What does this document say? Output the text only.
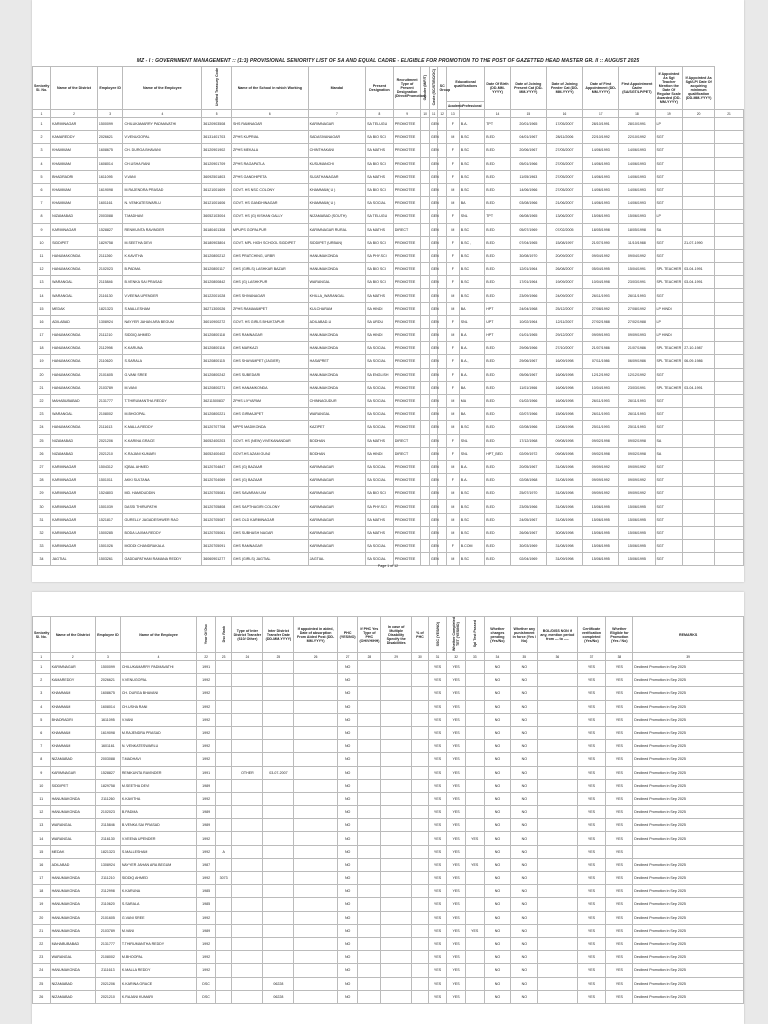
MZ - I : GOVERNMENT MANAGEMENT :: (1:3) PROVISIONAL SENIORITY LIST OF SA AND EQUAL CADRE - ELIGIBLE FOR PROMOTION TO THE POST OF GAZETTED HEAD MASTER GR. II :: AUGUST 2025
Seniority Sl. No.	Name of the District	Employee ID	Name of the Employee	Unified Treasury Code	Name of the School in which Working	Mandal	Present Designation	Recruitment Type of Present Designation (Direct/Promotion)	Gender (M/F/T)	Caste (SC/ST/BC/OC)	SC Group	Educational qualifications		Date Of Birth (DD-MM-YYYY)	Date of Joining Present Cat (DD-MM-YYYY)	Date of Joining Feeder Cat (DD-MM-YYYY)	Date of First Appointment (DD-MM-YYYY)	First Appointment Cadre (SA/SGT/LP/PET)	If Appointed As Sgt Teacher Mention the Date Of Regular Scale Awarded (DD-MM-YYYY)	If Appointed As Sgt/LP/ Date Of acquiring minimum qualification (DD-MM-YYYY)	
												Academic	Professional								
1	2	3	4	5	6	7	8	9	10	11	12	13		14	15	16	17	18	19	20	21
1	KARIMNAGAR	1500099	CHILUKAMARRY PADMAVATHI	36120903508	SHS RAMNAGAR	KARIMNAGAR	SA TELUGU	PROMOTEE		GEN		F	B.A.	TPT	20/01/1965	17/05/2007	28/10/1991	28/10/1991	LP		
2	KAMAREDDY	2026621	V.VENUGOPAL	36131401703	ZPHS KUPRIAL	SADASIVANAGAR	SA BIO SCI	PROMOTEE		GEN		M	B.SC	B.ED	04/01/1967	28/11/2006	22/10/1992	22/10/1992	SGT		
3	KHAMMAM	1608675	CH. DURGA BHAVANI	36120901902	ZPHS MEKALA	CHINTHAKANI	SA MATHS	PROMOTEE		GEN		F	B.SC	B.ED	20/06/1967	27/05/2007	14/06/1993	14/06/1993	SGT		
4	KHAMMAM	1608014	CH.USHA RANI	36120901709	ZPHS RAGAPATLA	KUSUMANCHI	SA BIO SCI	PROMOTEE		GEN		F	B.SC	B.ED	05/01/1966	27/05/2007	14/06/1993	14/06/1993	SGT		
5	BHADRADRI	1611095	V.VANI	36092501803	ZPHS GANDHIPETA	SUJATHANAGAR	SA MATHS	PROMOTEE		GEN		F	B.SC	B.ED	11/05/1963	27/05/2007	14/06/1993	14/06/1993	SGT		
6	KHAMMAM	1619098	M.RAJENDRA PRASAD	36121001609	GOVT. HS NSC COLONY	KHAMMAM( U )	SA BIO SCI	PROMOTEE		GEN		M	B.SC	B.ED	14/06/1966	27/05/2007	14/06/1993	14/06/1993	SGT		
7	KHAMMAM	1601161	N. VENKATESWARLU	36121001606	GOVT. HS GANDHINAGAR	KHAMMAM( U )	SA SOCIAL	PROMOTEE		GEN		M	BA	B.ED	03/08/1966	21/06/2007	14/06/1993	14/06/1993	SGT		
8	NIZAMABAD	2003088	T.MADHAVI	36052103004	GOVT. HS (G) KISHAN GALLY	NIZAMABAD (SOUTH)	SA TELUGU	PROMOTEE		GEN		F	SNL	TPT	06/08/1965	13/06/2007	15/06/1993	15/06/1993	LP		
9	KARIMNAGAR	1528827	RENIKUNTA RAVINDER	36180401308	MPUPS GOPALPUR	KARIMNAGAR RURAL	SA MATHS	DIRECT		GEN		M	B.SC	B.ED	05/07/1969	07/02/2005	18/05/1998	18/05/1998	SA		
10	SIDDIPET	1829758	M.SEETHA DEVI	36180903804	GOVT. MPL HIGH SCHOOL SIDDIPET	SIDDIPET (URBAN)	SA BIO SCI	PROMOTEE		GEN		F	B.SC ,	B.ED	07/04/1965	15/08/1997	21/07/1990	11/10/1988	SGT	21-07-1990	
11	HANUMAKONDA	2111260	K.KAVITHA	36120800212	GHS PRATCHING, URBR	HANUMAKONDA	SA PHY.SCI	PROMOTEE		GEN		F	B.SC	B.ED	30/08/1970	20/09/2007	09/04/1992	09/04/1992	SGT		
12	HANUMAKONDA	2102023	B.PADMA	36120800117	GHS (GIRLS) LASHKAR BAZAR	HANUMAKONDA	SA BIO SCI	PROMOTEE		GEN		F	B.SC	B.ED	12/01/1964	26/08/2007	05/04/1995	15/04/1991	SPL TEACHER	03-04-1991	
13	WARANGAL	2115846	B.VENKA SAI PRASAD	36120800842	GHS (G) LASHKPUR	WARANGAL	SA BIO SCI	PROMOTEE		GEN		F	B.SC	B.ED	17/01/1964	19/09/2007	10/04/1998	23/03/1991	SPL TEACHER	03-04-1991	
14	WARANGAL	2116130	V.VEENA UPENDER	36122001028	GHS SHIVANAGAR	KHILLA_WARANGAL	SA MATHS	PROMOTEE		GEN		M	B.SC	B.ED	23/09/1966	24/09/2007	26/11/1993	26/11/1993	SGT		
15	MEDAK	1821323	S.MALLESHAM	36271300026	ZPHS RAMAIAMPET	KULCHARAM	SA HINDI	PROMOTEE		GEN		M	BA	HPT	24/04/1968	25/12/2007	27/08/1992	27/08/1992	LP HINDI		
16	ADILABAD	1308924	NAYYER JAHAN ARA BEGUM	36010900272	GOVT. HS GIRLS BHUKTAPUR	ADILABAD-U	SA URDU	PROMOTEE		GEN		F	SNL	UPT	10/02/1964	12/11/2007	27/02/1988	27/02/1988	LP		
17	HANUMAKONDA	2111210	SIDDIQ AHMED	36120800118	GHS RAMNAGAR	HANUMAKONDA	SA HINDI	PROMOTEE		GEN		M	B.A	HPT	01/01/1965	29/12/2007	09/09/1993	09/09/1993	LP HINDI		
18	HANUMAKONDA	2112998	K.KARUNA	36120800116	GHS MARKAZI	HANUMAKONDA	SA SOCIAL	PROMOTEE		GEN		F	B.A.	B.ED	29/06/1966	27/10/2007	21/07/1986	21/07/1986	SPL TEACHER	27-10-1987	
19	HANUMAKONDA	2110620	S.SARALA	36120800115	GHS SHAYAMPET (JAGIER)	HASAPRET	SA SOCIAL	PROMOTEE		GEN		F	B.A.,	B.ED	29/06/1967	16/09/1998	07/11/1986	06/09/1986	SPL TEACHER	06-09-1986	
20	HANUMAKONDA	2101605	G.VANI SREE	36120800242	GHS SUBEDARI	HANUMAKONDA	SA ENGLISH	PROMOTEE		GEN		F	B.A.	B.ED	05/06/1967	16/06/1998	12/12/1992	12/12/1992	SGT		
21	HANUMAKONDA	2103789	M.VANI	36120800271	GHS HANAMKONDA	HANUMAKONDA	SA SOCIAL	PROMOTEE		GEN		F	BA	B.ED	11/01/1966	16/06/1998	10/04/1993	23/03/1991	SPL TEACHER	03-04-1991	
22	MAHABUBABAD	2131777	T.THIRUMANTHA REDDY	36211500837	ZPHS LIYYAPAM	CHINNAGUDUR	SA SOCIAL	PROMOTEE		GEN		M	MA	B.ED	01/02/1966	16/06/1998	26/11/1993	26/11/1993	SGT		
23	WARANGAL	2108002	M.BHOOPAL	36120800221	GHS GIRMAJIPET	WARANGAL	SA SOCIAL	PROMOTEE		GEN		M	BA	B.ED	02/07/1966	15/06/1998	26/11/1993	26/11/1993	SGT		
24	HANUMAKONDA	2111613	K.MALLA REDDY	36120707708	MPPS MADIKONDA	KAZIPET	SA SOCIAL	PROMOTEE		GEN		M	B.SC	B.ED	02/08/1966	12/08/1998	25/11/1993	25/11/1993	SGT		
25	NIZAMABAD	2021206	K.KARINA GRACE	36052400203	GOVT. HS (NEW) VIVEKANANDAR	BODHAN	SA MATHS	DIRECT		GEN		F	SNL	B.ED	17/12/1968	09/08/1998	09/02/1998	09/02/1998	SA		
26	NIZAMABAD	2021210	K.RAJANI KUMARI	36052400402	GOVT.HS AZAM GUNJ	BODHAN	SA HINDI	DIRECT		GEN		F	SNL	HPT_BED	02/09/1972	09/08/1998	09/02/1998	09/02/1998	SA		
27	KARIMNAGAR	1504312	IQBAL AHMED	36120704847	GHS (G) BAZAAR	KARIMNAGAR	SA SOCIAL	PROMOTEE		GEN		M	B.A.	B.ED	20/05/1967	31/08/1998	09/09/1992	09/09/1992	SGT		
28	KARIMNAGAR	1501011	AKKI SULTANA	36120704069	GHS (G) BAZAAR	KARIMNAGAR	SA SOCIAL	PROMOTEE		GEN		F	B.A.	B.ED	02/08/1968	31/08/1998	09/09/1992	09/09/1992	SGT		
29	KARIMNAGAR	1524803	MD. HAMIDUDDIN	36120705081	GHS SAVARAN U/M	KARIMNAGAR	SA BIO SCI	PROMOTEE		GEN		M	B.SC	B.ED	25/07/1970	31/08/1998	09/09/1992	09/09/1992	SGT		
30	KARIMNAGAR	1501039	DASSI THIRUPATHI	36120705808	GHS SAPTHAGIRI COLONY	KARIMNAGAR	SA PHY.SCI	PROMOTEE		GEN		M	B.SC	B.ED	23/05/1966	31/08/1998	15/06/1995	15/06/1995	SGT		
31	KARIMNAGAR	1521817	GURELLY JAGADESHWER RAO	36120705087	GHS OLD KARIMNAGAR	KARIMNAGAR	SA MATHS	PROMOTEE		GEN		M	B.SC	B.ED	24/05/1967	31/08/1998	15/06/1995	15/06/1995	SGT		
32	KARIMNAGAR	1500285	BODA LAXMA REDDY	36120705061	GHS SUBHASH NAGAR	KARIMNAGAR	SA MATHS	PROMOTEE		GEN		M	B.SC	B.ED	26/06/1967	30/08/1998	15/06/1995	15/06/1995	SGT		
33	KARIMNAGAR	1501026	MODDI CHANDRAKALA	36120705091	GHS RAMNAGAR	KARIMNAGAR	SA SOCIAL	PROMOTEE		GEN		F	B.COM	B.ED	30/03/1969	31/08/1998	15/06/1995	15/06/1995	SGT		
34	JAGTIAL	1503261	GADDAPATHAM RAMANA REDDY	36060901277	GHS (GIRLS) JAGTIAL	JAGTIAL	SA SOCIAL	PROMOTEE		GEN		M	B.SC	B.ED	02/04/1969	31/09/1998	15/06/1995	15/06/1995	SGT		
Page 1 of 12
Seniority Sl. No.	Name of the District	Employee ID	Name of the Employee	Year Of Dsc	Dsc Rank	Type of Inter District Transfer (610/ Other)	Inter District Transfer Date (DD-MM-YYYY)	If appointed in aided, Date of absorption From Aided Post (DD-MM-YYYY)	PHC (YES/NO)	If PHC Yes Type of PHC (OH/VH/HH)	In case of Multiple Disability Specify the Disabilities	% of PHC	SSC (YES/NO)	Whether Completed TET (YES/NO)	Spl Test Passed	Whether charges pending (Yes/No)	Whether any punishment in force (Yes / No)	BOL/DISS NON if any, mention period from --- to ----	Certificate verification completed (Yes/No)	Whether Eligible for Promotion (Yes / No)	REMARKS
1	2	3	4	22	23	24	25	26	27	28	29	30	31	32	33	34	35	36	37	38	39
1	KARIMNAGAR	1500099	CHILUKAMARRY PADMAVATHI	1991					NO				YES	YES		NO	NO		YES	YES	Declined Promotion in Sep 2025
2	KAMAREDDY	2026621	V.VENUGOPAL	1992					NO				YES	YES		NO	NO		YES	YES	Declined Promotion in Sep 2025
3	KHAMMAM	1608675	CH. DURGA BHAVANI	1992					NO				YES	YES		NO	NO		YES	YES	Declined Promotion in Sep 2025
4	KHAMMAM	1608014	CH.USHA RANI	1992					NO				YES	YES		NO	NO		YES	YES	Declined Promotion in Sep 2025
5	BHADRADRI	1611095	V.VANI	1992					NO				YES	YES		NO	NO		YES	YES	Declined Promotion in Sep 2025
6	KHAMMAM	1619098	M.RAJENDRA PRASAD	1992					NO				YES	YES		NO	NO		YES	YES	Declined Promotion in Sep 2025
7	KHAMMAM	1601161	N. VENKATESWARLU	1992					NO				YES	YES		NO	NO		YES	YES	Declined Promotion in Sep 2025
8	NIZAMABAD	2003088	T.MADHAVI	1992					NO				YES	YES		NO	NO		YES	YES	Declined Promotion in Sep 2025
9	KARIMNAGAR	1528827	RENIKUNTA RAVINDER	1991		OTHER	03-07-2007		NO				YES	YES		NO	NO		YES	YES	Declined Promotion in Sep 2025
10	SIDDIPET	1829758	M.SEETHA DEVI	1989					NO				YES	YES		NO	NO		YES	YES	Declined Promotion in Sep 2025
11	HANUMAKONDA	2111260	K.KAVITHA	1992					NO				YES	YES		NO	NO		YES	YES	Declined Promotion in Sep 2025
12	HANUMAKONDA	2102023	B.PADMA	1989					NO				YES	YES		NO	NO		YES	YES	Declined Promotion in Sep 2025
13	WARANGAL	2115846	B.VENKA SAI PRASAD	1989					NO				YES	YES		NO	NO		YES	YES	Declined Promotion in Sep 2025
14	WARANGAL	2116130	V.VEENA UPENDER	1992					NO				YES	YES	YES	NO	NO		YES	YES	Declined Promotion in Sep 2025
15	MEDAK	1821323	S.MALLESHAM	1992	A				NO				YES	YES		NO	NO		YES	YES	
16	ADILABAD	1308924	NAYYER JAHAN ARA BEGUM	1987					NO				YES	YES	YES	NO	NO		YES	YES	Declined Promotion in Sep 2025
17	HANUMAKONDA	2111210	SIDDIQ AHMED	1992	3073				NO				YES	YES		NO	NO		YES	YES	Declined Promotion in Sep 2025
18	HANUMAKONDA	2112998	K.KARUNA	1985					NO				YES	YES		NO	NO		YES	YES	Declined Promotion in Sep 2025
19	HANUMAKONDA	2110620	S.SARALA	1985					NO				YES	YES		NO	NO		YES	YES	Declined Promotion in Sep 2025
20	HANUMAKONDA	2101605	G.VANI SREE	1992					NO				YES	YES		NO	NO		YES	YES	Declined Promotion in Sep 2025
21	HANUMAKONDA	2103789	M.VANI	1989					NO				YES	YES	YES	NO	NO		YES	YES	Declined Promotion in Sep 2025
22	MAHABUBABAD	2131777	T.THIRUMANTHA REDDY	1992					NO				YES	YES		NO	NO		YES	YES	Declined Promotion in Sep 2025
23	WARANGAL	2108002	M.BHOOPAL	1992					NO				YES	YES		NO	NO		YES	YES	Declined Promotion in Sep 2025
24	HANUMAKONDA	2111613	K.MALLA REDDY	1992					NO				YES	YES		NO	NO		YES	YES	Declined Promotion in Sep 2025
25	NIZAMABAD	2021206	K.KARINA GRACE	DSC			06228		NO				YES	YES		NO	NO		YES	YES	Declined Promotion in Sep 2025
26	NIZAMABAD	2021210	K.RAJANI KUMARI	DSC			06228		NO				YES	YES		NO	NO		YES	YES	Declined Promotion in Sep 2025
